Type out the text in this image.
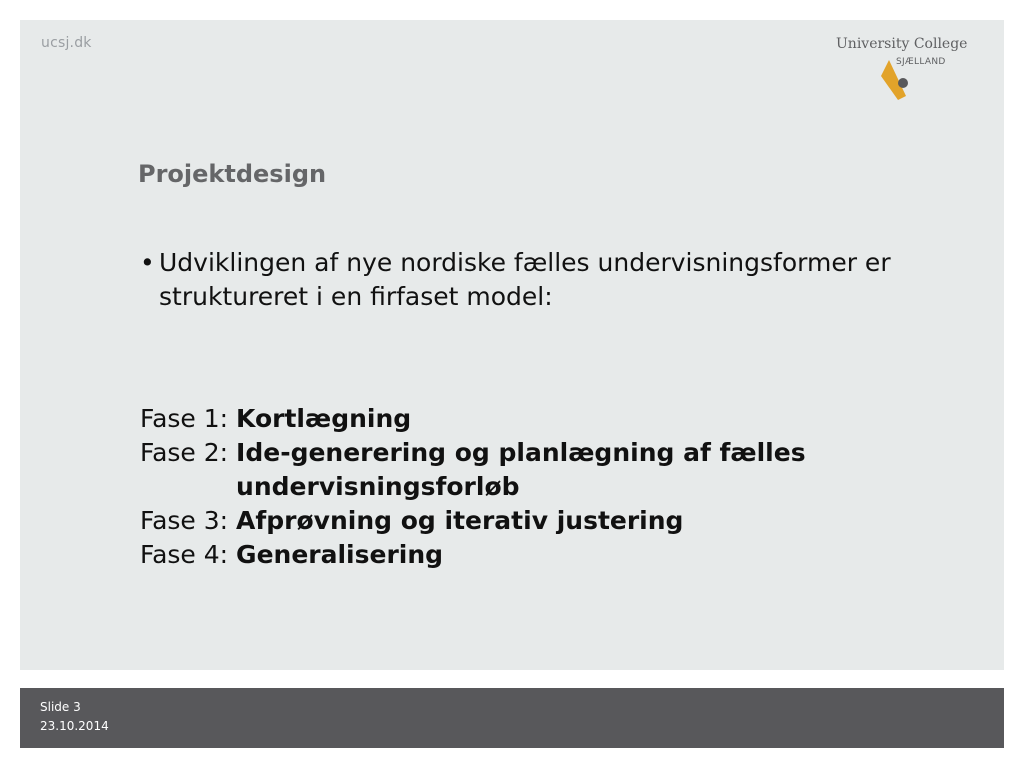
ucsj.dk	University College
SJÆLLAND
Projektdesign
• Udviklingen af nye nordiske fælles undervisningsformer er struktureret i en firfaset model:
Fase 1: Kortlægning
Fase 2: Ide-generering og planlægning af fælles undervisningsforløb
Fase 3: Afprøvning og iterativ justering
Fase 4: Generalisering
Slide 3
23.10.2014
